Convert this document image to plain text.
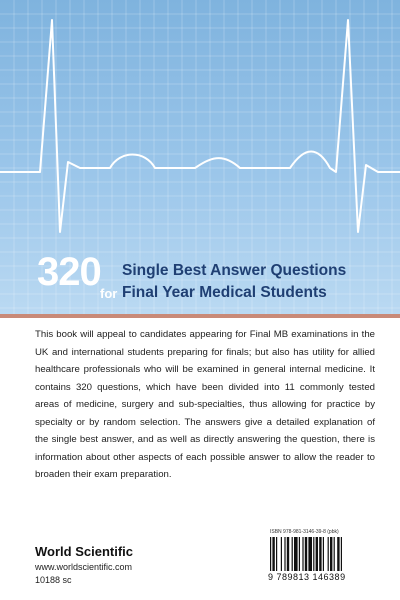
320 Single Best Answer Questions
for Final Year Medical Students
This book will appeal to candidates appearing for Final MB examinations in the UK and international students preparing for finals; but also has utility for allied healthcare professionals who will be examined in general internal medicine. It contains 320 questions, which have been divided into 11 commonly tested areas of medicine, surgery and sub-specialties, thus allowing for practice by specialty or by random selection. The answers give a detailed explanation of the single best answer, and as well as directly answering the question, there is information about other aspects of each possible answer to allow the reader to broaden their exam preparation.
World Scientific
www.worldscientific.com
10188 sc
ISBN 978-981-3146-39-8 (pbk)
9 789813 146389
